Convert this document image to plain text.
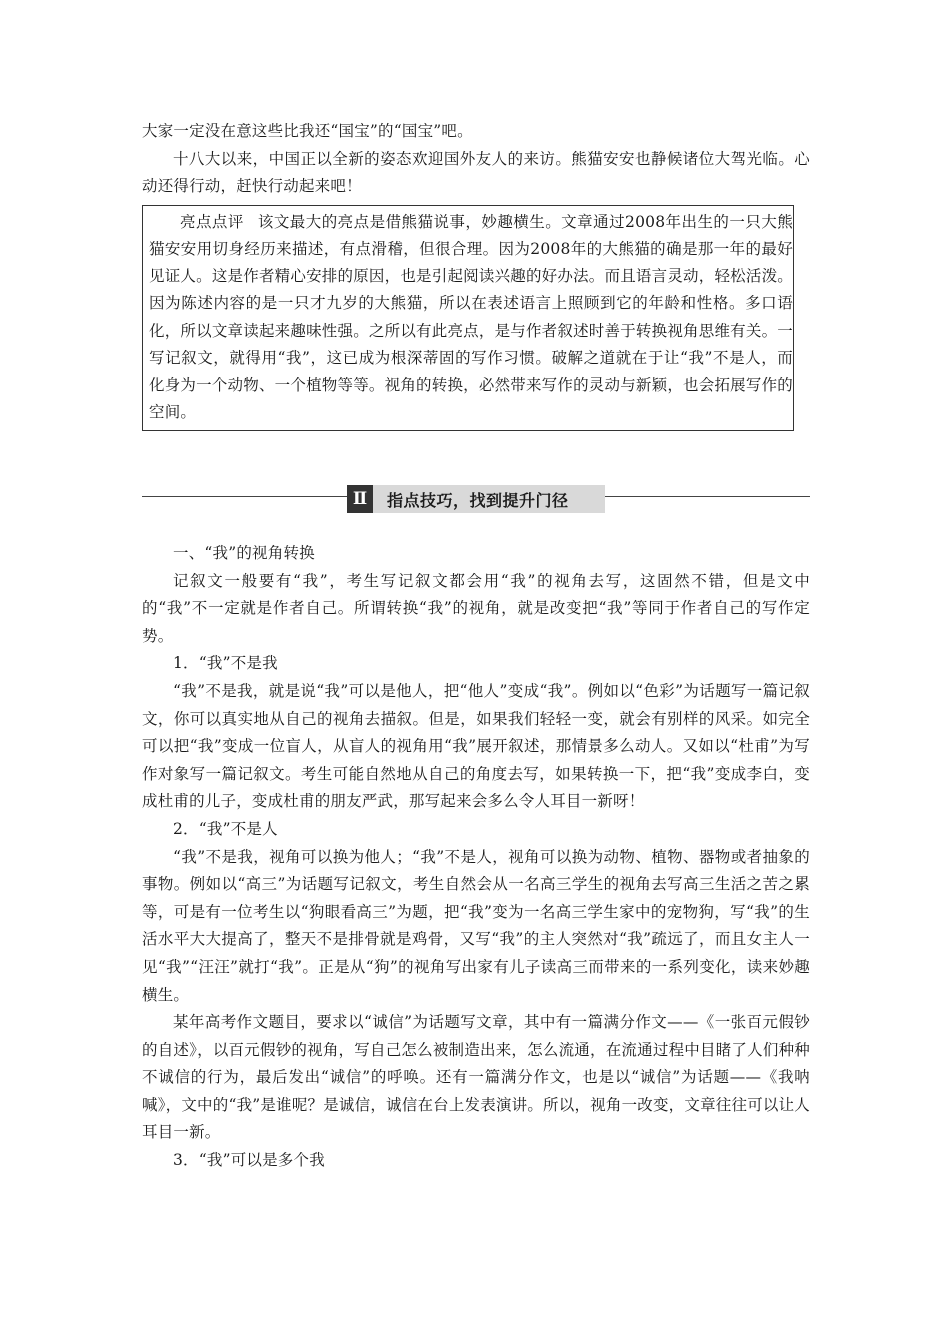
大家一定没在意这些比我还“国宝”的“国宝”吧。

十八大以来，中国正以全新的姿态欢迎国外友人的来访。熊猫安安也静候诸位大驾光临。心动还得行动，赶快行动起来吧！

亮点点评 该文最大的亮点是借熊猫说事，妙趣横生。文章通过2008年出生的一只大熊猫安安用切身经历来描述，有点滑稽，但很合理。因为2008年的大熊猫的确是那一年的最好见证人。这是作者精心安排的原因，也是引起阅读兴趣的好办法。而且语言灵动，轻松活泼。因为陈述内容的是一只才九岁的大熊猫，所以在表述语言上照顾到它的年龄和性格。多口语化，所以文章读起来趣味性强。之所以有此亮点，是与作者叙述时善于转换视角思维有关。一写记叙文，就得用“我”，这已成为根深蒂固的写作习惯。破解之道就在于让“我”不是人，而化身为一个动物、一个植物等等。视角的转换，必然带来写作的灵动与新颖，也会拓展写作的空间。

Ⅱ	指点技巧，找到提升门径

一、“我”的视角转换

记叙文一般要有“我”，考生写记叙文都会用“我”的视角去写，这固然不错，但是文中的“我”不一定就是作者自己。所谓转换“我”的视角，就是改变把“我”等同于作者自己的写作定势。

1．“我”不是我

“我”不是我，就是说“我”可以是他人，把“他人”变成“我”。例如以“色彩”为话题写一篇记叙文，你可以真实地从自己的视角去描叙。但是，如果我们轻轻一变，就会有别样的风采。如完全可以把“我”变成一位盲人，从盲人的视角用“我”展开叙述，那情景多么动人。又如以“杜甫”为写作对象写一篇记叙文。考生可能自然地从自己的角度去写，如果转换一下，把“我”变成李白，变成杜甫的儿子，变成杜甫的朋友严武，那写起来会多么令人耳目一新呀！

2．“我”不是人

“我”不是我，视角可以换为他人；“我”不是人，视角可以换为动物、植物、器物或者抽象的事物。例如以“高三”为话题写记叙文，考生自然会从一名高三学生的视角去写高三生活之苦之累等，可是有一位考生以“狗眼看高三”为题，把“我”变为一名高三学生家中的宠物狗，写“我”的生活水平大大提高了，整天不是排骨就是鸡骨，又写“我”的主人突然对“我”疏远了，而且女主人一见“我”“汪汪”就打“我”。正是从“狗”的视角写出家有儿子读高三而带来的一系列变化，读来妙趣横生。

某年高考作文题目，要求以“诚信”为话题写文章，其中有一篇满分作文——《一张百元假钞的自述》，以百元假钞的视角，写自己怎么被制造出来，怎么流通，在流通过程中目睹了人们种种不诚信的行为，最后发出“诚信”的呼唤。还有一篇满分作文，也是以“诚信”为话题——《我呐喊》，文中的“我”是谁呢？是诚信，诚信在台上发表演讲。所以，视角一改变，文章往往可以让人耳目一新。

3．“我”可以是多个我
